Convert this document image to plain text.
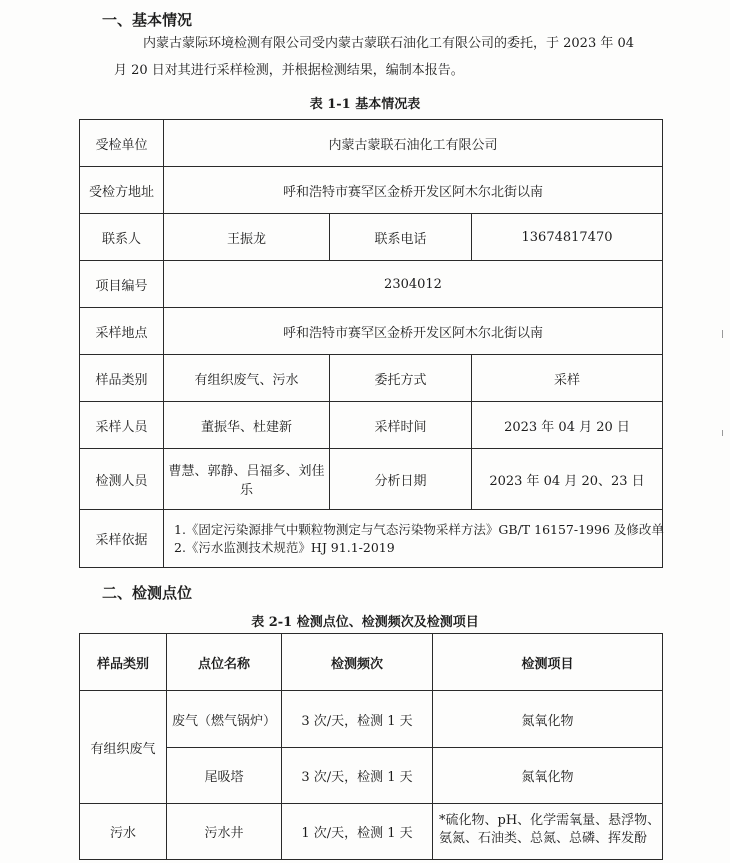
一、基本情况
内蒙古蒙际环境检测有限公司受内蒙古蒙联石油化工有限公司的委托，于 2023 年 04
月 20 日对其进行采样检测，并根据检测结果，编制本报告。
表 1-1 基本情况表
受检单位	内蒙古蒙联石油化工有限公司		
受检方地址	呼和浩特市赛罕区金桥开发区阿木尔北街以南		
联系人	王振龙	联系电话	13674817470
项目编号	2304012		
采样地点	呼和浩特市赛罕区金桥开发区阿木尔北街以南		
样品类别	有组织废气、污水	委托方式	采样
采样人员	董振华、杜建新	采样时间	2023 年 04 月 20 日
检测人员	曹慧、郭静、吕福多、刘佳乐	分析日期	2023 年 04 月 20、23 日
采样依据	1.《固定污染源排气中颗粒物测定与气态污染物采样方法》GB/T 16157-1996 及修改单
2.《污水监测技术规范》HJ 91.1-2019		
二、检测点位
表 2-1 检测点位、检测频次及检测项目
样品类别	点位名称	检测频次	检测项目
有组织废气	废气（燃气锅炉）	3 次/天，检测 1 天	氮氧化物
	尾吸塔	3 次/天，检测 1 天	氮氧化物
污水	污水井	1 次/天，检测 1 天	*硫化物、pH、化学需氧量、悬浮物、
氨氮、石油类、总氮、总磷、挥发酚
